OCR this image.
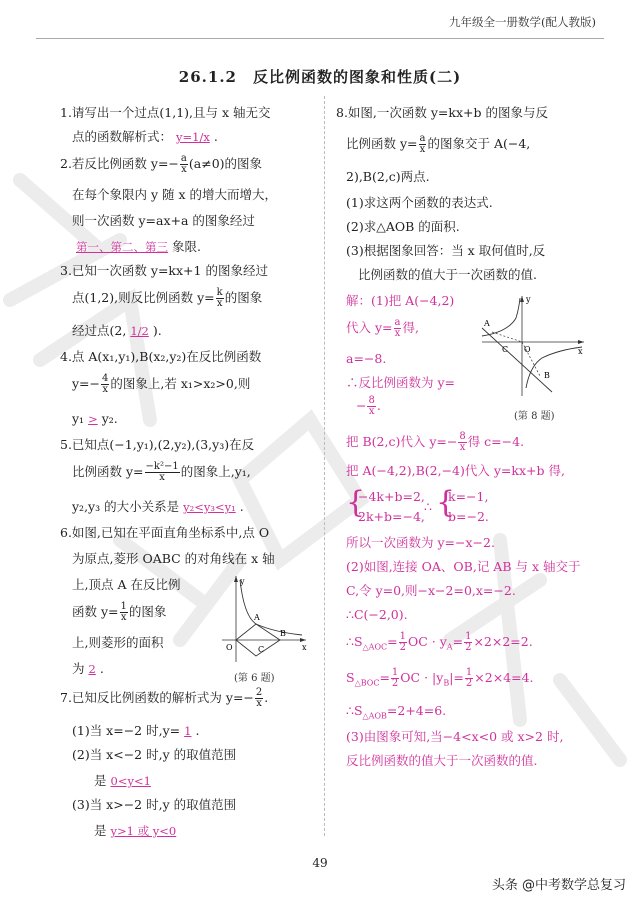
九年级全一册数学(配人教版)
26.1.2　反比例函数的图象和性质(二)
1.请写出一个过点(1,1),且与 x 轴无交
点的函数解析式： y=1/x .
2.若反比例函数 $y=- \frac{a}{x} (a\ne 0)$的图象
在每个象限内 y 随 x 的增大而增大，
则一次函数 y=ax+a 的图象经过
第一、第二、第三 象限.
3.已知一次函数 y=kx+1 的图象经过
点(1,2),则反比例函数 $y= \frac{k}{x}$ 的图象
经过点(2, 1/2 ).
4.点 A(x₁,y₁),B(x₂,y₂)在反比例函数
$y=- \frac{4}{x}$ 的图象上,若 x₁>x₂>0,则
y₁ > y₂.
5.已知点(−1,y₁),(2,y₂),(3,y₃)在反
比例函数 $y= \frac{\text{−k²−1}}{x}$ 的图象上,y₁,
y₂,y₃ 的大小关系是 y₂<y₃<y₁ .
6.如图,已知在平面直角坐标系中,点 O
为原点,菱形 OABC 的对角线在 x 轴
上,顶点 A 在反比例
函数 $y= \frac{1}{x}$ 的图象
上,则菱形的面积
为 2 .
y
x
O
A
B
C
(第 6 题)
7.已知反比例函数的解析式为 $y=- \frac{2}{x}$ .
(1)当 x=−2 时,y= 1 .
(2)当 x<−2 时,y 的取值范围
是 0<y<1
(3)当 x>−2 时,y 的取值范围
是 y>1 或 y<0
8.如图,一次函数 y=kx+b 的图象与反
比例函数 $y= \frac{a}{x}$ 的图象交于 A(−4,
2),B(2,c)两点.
(1)求这两个函数的表达式.
(2)求△AOB 的面积.
(3)根据图象回答：当 x 取何值时,反
比例函数的值大于一次函数的值.
解：(1)把 A(−4,2)
代入 $y= \frac{a}{x}$ 得,
a=−8.
∴反比例函数为 y=
− $\frac{8}{x}$ .
y
x
O
A
B
C
(第 8 题)
把 B(2,c)代入 $y=- \frac{8}{x}$ 得 c=−4.
把 A(−4,2),B(2,−4)代入 y=kx+b 得,
{
−4k+b=2,
2k+b=−4,
∴ {
k=−1,
b=−2.
所以一次函数为 y=−x−2.
(2)如图,连接 OA、OB,记 AB 与 x 轴交于
C,令 y=0,则−x−2=0,x=−2.
∴C(−2,0).
$\therefore S_{\triangle AOC}= \frac{1}{2}$ OC · $y_A= \frac{1}{2} \times 2\times 2=2$.
$S_{\triangle BOC}= \frac{1}{2}$ OC · $|y_B|= \frac{1}{2} \times 2\times 4=4$.
$\therefore S_{\triangle AOB}=2+4=6$.
(3)由图象可知,当−4<x<0 或 x>2 时,
反比例函数的值大于一次函数的值.
49
头条 @中考数学总复习
